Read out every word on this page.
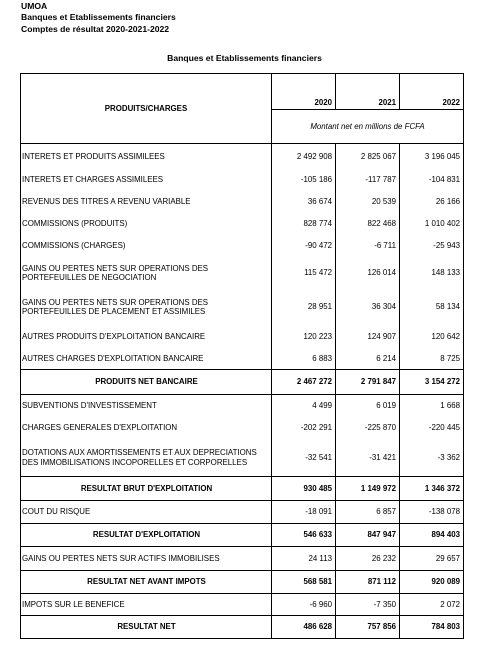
UMOA
Banques et Etablissements financiers
Comptes de résultat 2020-2021-2022
Banques et Etablissements financiers
PRODUITS/CHARGES	2020	2021	2022
	Montant net en millions de FCFA		
INTERETS ET PRODUITS ASSIMILEES	2 492 908	2 825 067	3 196 045
INTERETS ET CHARGES ASSIMILEES	-105 186	-117 787	-104 831
REVENUS DES TITRES A REVENU VARIABLE	36 674	20 539	26 166
COMMISSIONS (PRODUITS)	828 774	822 468	1 010 402
COMMISSIONS (CHARGES)	-90 472	-6 711	-25 943
GAINS OU PERTES NETS SUR OPERATIONS DES PORTEFEUILLES DE NEGOCIATION	115 472	126 014	148 133
GAINS OU PERTES NETS SUR OPERATIONS DES PORTEFEUILLES DE PLACEMENT ET ASSIMILES	28 951	36 304	58 134
AUTRES PRODUITS D'EXPLOITATION BANCAIRE	120 223	124 907	120 642
AUTRES CHARGES D'EXPLOITATION BANCAIRE	6 883	6 214	8 725
PRODUITS NET BANCAIRE	2 467 272	2 791 847	3 154 272
SUBVENTIONS D'INVESTISSEMENT	4 499	6 019	1 668
CHARGES GENERALES D'EXPLOITATION	-202 291	-225 870	-220 445
DOTATIONS AUX AMORTISSEMENTS ET AUX DEPRECIATIONS DES IMMOBILISATIONS INCOPORELLES ET CORPORELLES	-32 541	-31 421	-3 362
RESULTAT BRUT D'EXPLOITATION	930 485	1 149 972	1 346 372
COUT DU RISQUE	-18 091	6 857	-138 078
RESULTAT D'EXPLOITATION	546 633	847 947	894 403
GAINS OU PERTES NETS SUR ACTIFS IMMOBILISES	24 113	26 232	29 657
RESULTAT NET AVANT IMPOTS	568 581	871 112	920 089
IMPOTS SUR LE BENEFICE	-6 960	-7 350	2 072
RESULTAT NET	486 628	757 856	784 803
